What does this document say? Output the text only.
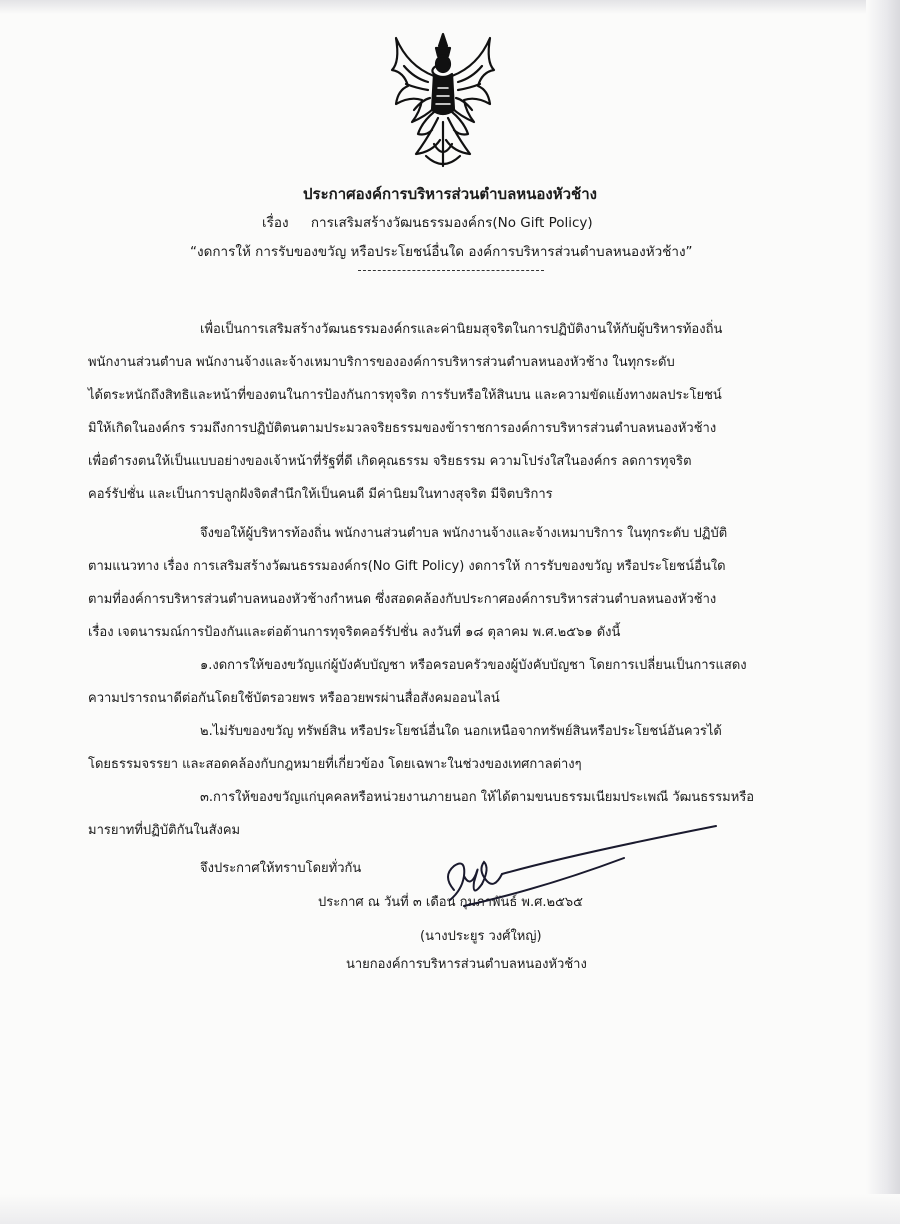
ประกาศองค์การบริหารส่วนตำบลหนองหัวช้าง
เรื่อง การเสริมสร้างวัฒนธรรมองค์กร(No Gift Policy)
“งดการให้ การรับของขวัญ หรือประโยชน์อื่นใด องค์การบริหารส่วนตำบลหนองหัวช้าง”
เพื่อเป็นการเสริมสร้างวัฒนธรรมองค์กรและค่านิยมสุจริตในการปฏิบัติงานให้กับผู้บริหารท้องถิ่น
พนักงานส่วนตำบล พนักงานจ้างและจ้างเหมาบริการขององค์การบริหารส่วนตำบลหนองหัวช้าง ในทุกระดับ
ได้ตระหนักถึงสิทธิและหน้าที่ของตนในการป้องกันการทุจริต การรับหรือให้สินบน และความขัดแย้งทางผลประโยชน์
มิให้เกิดในองค์กร รวมถึงการปฏิบัติตนตามประมวลจริยธรรมของข้าราชการองค์การบริหารส่วนตำบลหนองหัวช้าง
เพื่อดำรงตนให้เป็นแบบอย่างของเจ้าหน้าที่รัฐที่ดี เกิดคุณธรรม จริยธรรม ความโปร่งใสในองค์กร ลดการทุจริต
คอร์รัปชั่น และเป็นการปลูกฝังจิตสำนึกให้เป็นคนดี มีค่านิยมในทางสุจริต มีจิตบริการ
จึงขอให้ผู้บริหารท้องถิ่น พนักงานส่วนตำบล พนักงานจ้างและจ้างเหมาบริการ ในทุกระดับ ปฏิบัติ
ตามแนวทาง เรื่อง การเสริมสร้างวัฒนธรรมองค์กร(No Gift Policy) งดการให้ การรับของขวัญ หรือประโยชน์อื่นใด
ตามที่องค์การบริหารส่วนตำบลหนองหัวช้างกำหนด ซึ่งสอดคล้องกับประกาศองค์การบริหารส่วนตำบลหนองหัวช้าง
เรื่อง เจตนารมณ์การป้องกันและต่อต้านการทุจริตคอร์รัปชั่น ลงวันที่ ๑๘ ตุลาคม พ.ศ.๒๕๖๑ ดังนี้
๑.งดการให้ของขวัญแก่ผู้บังคับบัญชา หรือครอบครัวของผู้บังคับบัญชา โดยการเปลี่ยนเป็นการแสดง
ความปรารถนาดีต่อกันโดยใช้บัตรอวยพร หรืออวยพรผ่านสื่อสังคมออนไลน์
๒.ไม่รับของขวัญ ทรัพย์สิน หรือประโยชน์อื่นใด นอกเหนือจากทรัพย์สินหรือประโยชน์อันควรได้
โดยธรรมจรรยา และสอดคล้องกับกฎหมายที่เกี่ยวข้อง โดยเฉพาะในช่วงของเทศกาลต่างๆ
๓.การให้ของขวัญแก่บุคคลหรือหน่วยงานภายนอก ให้ได้ตามขนบธรรมเนียมประเพณี วัฒนธรรมหรือ
มารยาทที่ปฏิบัติกันในสังคม
จึงประกาศให้ทราบโดยทั่วกัน
ประกาศ ณ วันที่ ๓ เดือน กุมภาพันธ์ พ.ศ.๒๕๖๕
(นางประยูร วงศ์ใหญ่)
นายกองค์การบริหารส่วนตำบลหนองหัวช้าง
